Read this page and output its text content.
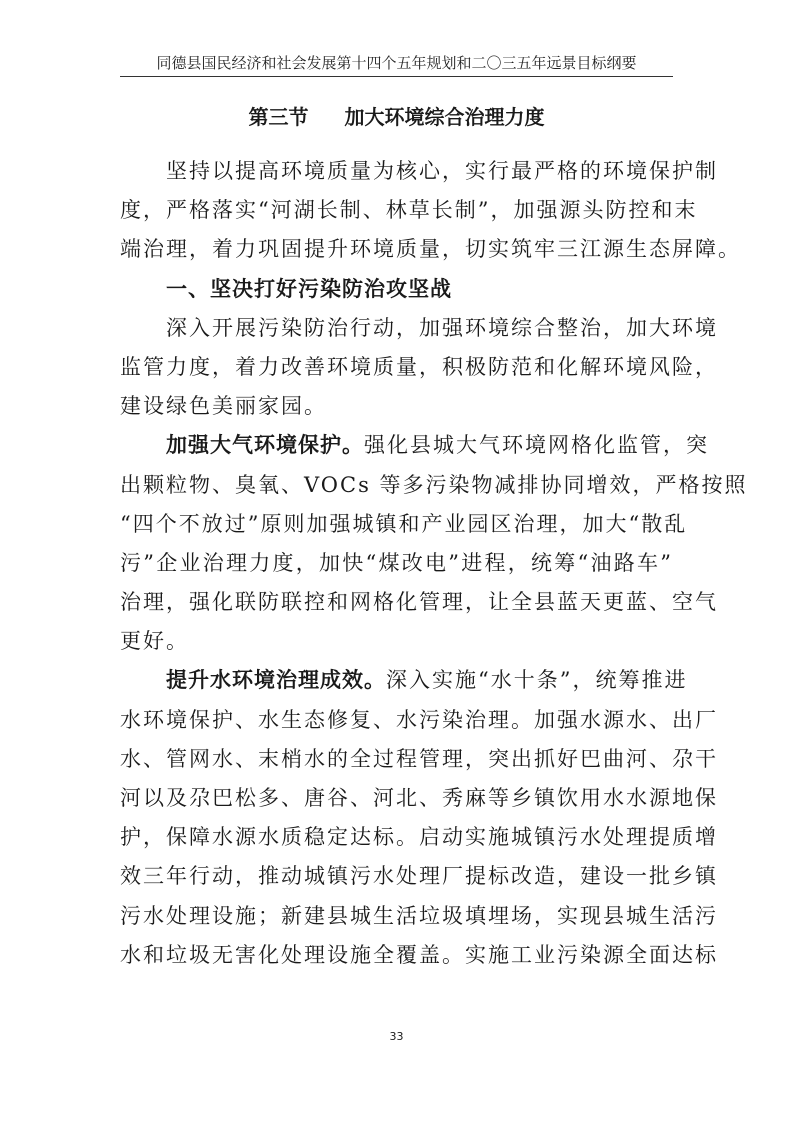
同德县国民经济和社会发展第十四个五年规划和二〇三五年远景目标纲要
第三节 加大环境综合治理力度
坚持以提高环境质量为核心，实行最严格的环境保护制
度，严格落实“河湖长制、林草长制”，加强源头防控和末
端治理，着力巩固提升环境质量，切实筑牢三江源生态屏障。
一、坚决打好污染防治攻坚战
深入开展污染防治行动，加强环境综合整治，加大环境
监管力度，着力改善环境质量，积极防范和化解环境风险，
建设绿色美丽家园。
加强大气环境保护。强化县城大气环境网格化监管，突
出颗粒物、臭氧、VOCs 等多污染物减排协同增效，严格按照
“四个不放过”原则加强城镇和产业园区治理，加大“散乱
污”企业治理力度，加快“煤改电”进程，统筹“油路车”
治理，强化联防联控和网格化管理，让全县蓝天更蓝、空气
更好。
提升水环境治理成效。深入实施“水十条”，统筹推进
水环境保护、水生态修复、水污染治理。加强水源水、出厂
水、管网水、末梢水的全过程管理，突出抓好巴曲河、尕干
河以及尕巴松多、唐谷、河北、秀麻等乡镇饮用水水源地保
护，保障水源水质稳定达标。启动实施城镇污水处理提质增
效三年行动，推动城镇污水处理厂提标改造，建设一批乡镇
污水处理设施；新建县城生活垃圾填埋场，实现县城生活污
水和垃圾无害化处理设施全覆盖。实施工业污染源全面达标
33
